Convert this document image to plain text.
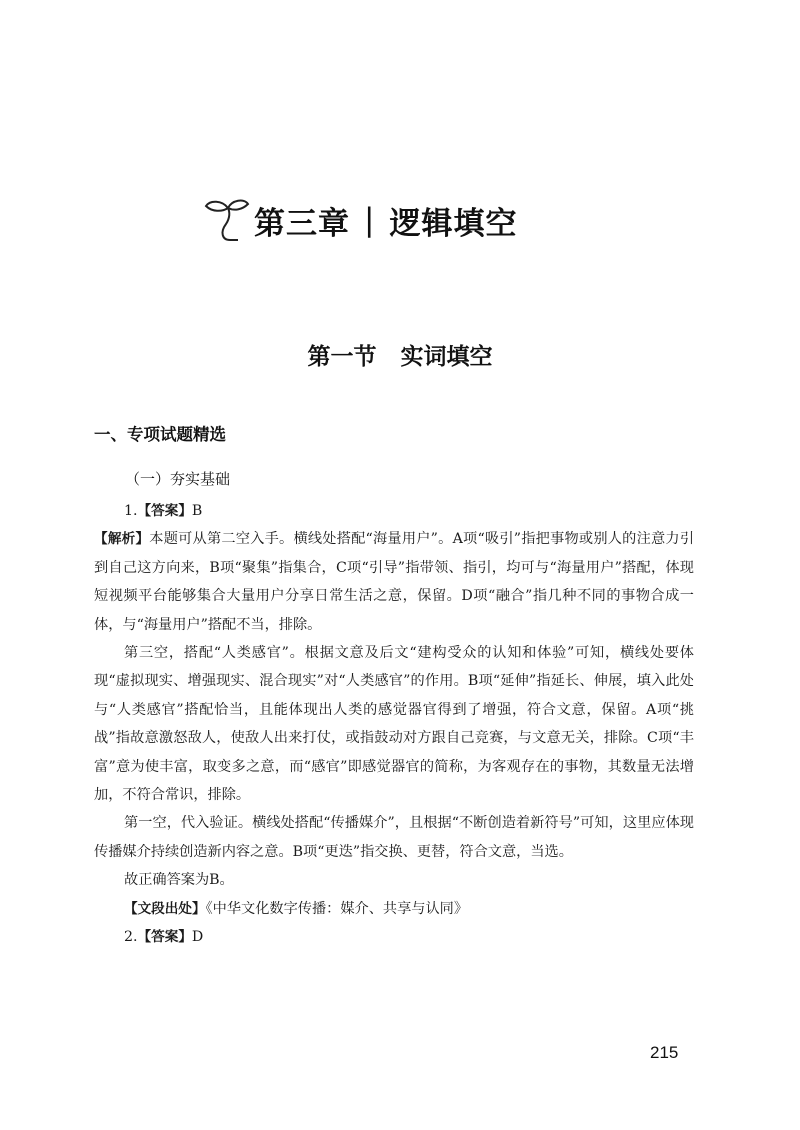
第三章 | 逻辑填空
第一节 实词填空
一、专项试题精选
（一）夯实基础

1.【答案】B

【解析】本题可从第二空入手。横线处搭配“海量用户”。A项“吸引”指把事物或别人的注意力引到自己这方向来，B项“聚集”指集合，C项“引导”指带领、指引，均可与“海量用户”搭配，体现短视频平台能够集合大量用户分享日常生活之意，保留。D项“融合”指几种不同的事物合成一体，与“海量用户”搭配不当，排除。

第三空，搭配“人类感官”。根据文意及后文“建构受众的认知和体验”可知，横线处要体现“虚拟现实、增强现实、混合现实”对“人类感官”的作用。B项“延伸”指延长、伸展，填入此处与“人类感官”搭配恰当，且能体现出人类的感觉器官得到了增强，符合文意，保留。A项“挑战”指故意激怒敌人，使敌人出来打仗，或指鼓动对方跟自己竞赛，与文意无关，排除。C项“丰富”意为使丰富，取变多之意，而“感官”即感觉器官的简称，为客观存在的事物，其数量无法增加，不符合常识，排除。

第一空，代入验证。横线处搭配“传播媒介”，且根据“不断创造着新符号”可知，这里应体现传播媒介持续创造新内容之意。B项“更迭”指交换、更替，符合文意，当选。

故正确答案为B。

【文段出处】《中华文化数字传播：媒介、共享与认同》

2.【答案】D

215
